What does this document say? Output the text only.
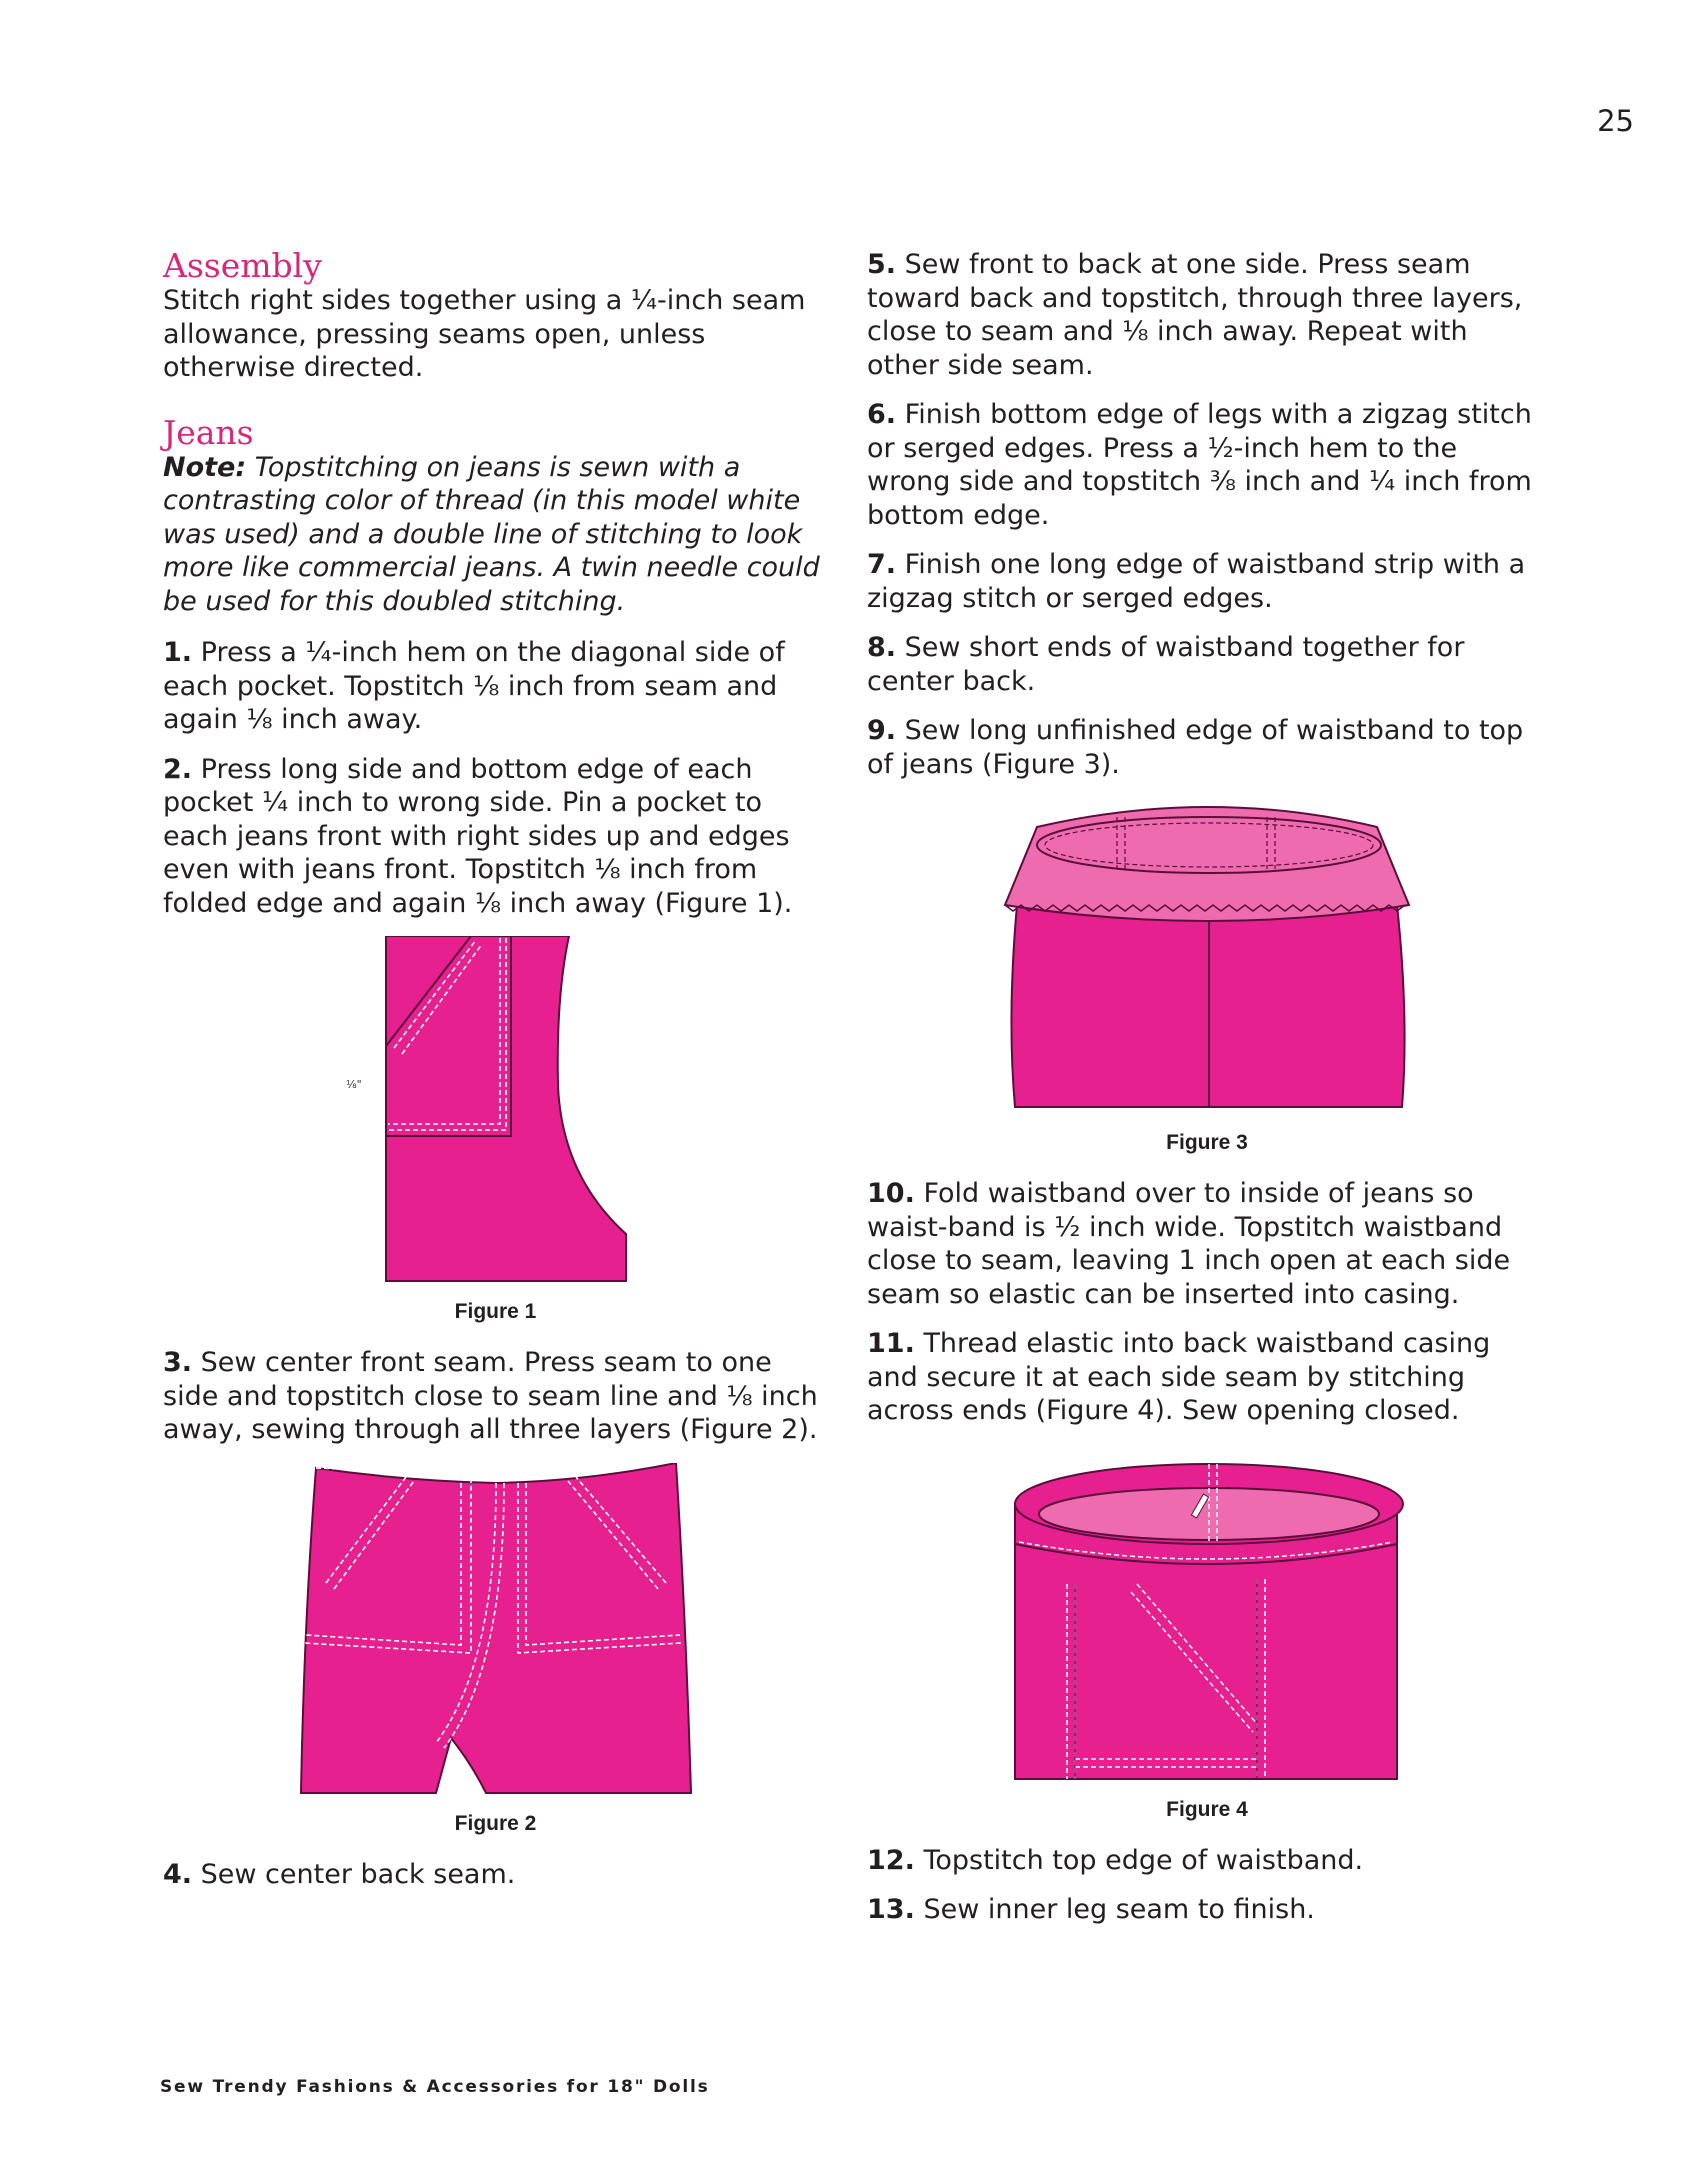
25
Assembly

Stitch right sides together using a ¼-inch seam allowance, pressing seams open, unless otherwise directed.

Jeans

Note: Topstitching on jeans is sewn with a contrasting color of thread (in this model white was used) and a double line of stitching to look more like commercial jeans. A twin needle could be used for this doubled stitching.

1. Press a ¼-inch hem on the diagonal side of each pocket. Topstitch ⅛ inch from seam and again ⅛ inch away.

2. Press long side and bottom edge of each pocket ¼ inch to wrong side. Pin a pocket to each jeans front with right sides up and edges even with jeans front. Topstitch ⅛ inch from folded edge and again ⅛ inch away (Figure 1).

⅛"
Figure 1

3. Sew center front seam. Press seam to one side and topstitch close to seam line and ⅛ inch away, sewing through all three layers (Figure 2).

Figure 2

4. Sew center back seam.

5. Sew front to back at one side. Press seam toward back and topstitch, through three layers, close to seam and ⅛ inch away. Repeat with other side seam.

6. Finish bottom edge of legs with a zigzag stitch or serged edges. Press a ½-inch hem to the wrong side and topstitch ⅜ inch and ¼ inch from bottom edge.

7. Finish one long edge of waistband strip with a zigzag stitch or serged edges.

8. Sew short ends of waistband together for center back.

9. Sew long unfinished edge of waistband to top of jeans (Figure 3).

Figure 3

10. Fold waistband over to inside of jeans so waist-band is ½ inch wide. Topstitch waistband close to seam, leaving 1 inch open at each side seam so elastic can be inserted into casing.

11. Thread elastic into back waistband casing and secure it at each side seam by stitching across ends (Figure 4). Sew opening closed.

Figure 4

12. Topstitch top edge of waistband.

13. Sew inner leg seam to finish.

Sew Trendy Fashions & Accessories for 18" Dolls
